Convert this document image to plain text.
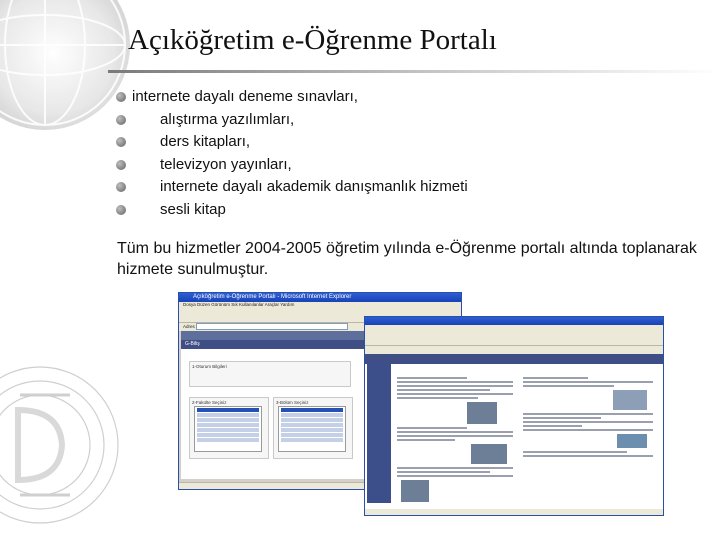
Açıköğretim e-Öğrenme Portalı
internete dayalı deneme sınavları,
alıştırma yazılımları,
ders kitapları,
televizyon yayınları,
internete dayalı akademik danışmanlık hizmeti
sesli kitap

Tüm bu hizmetler 2004-2005 öğretim yılında e-Öğrenme portalı altında toplanarak hizmete sunulmuştur.

Açıköğretim e-Öğrenme Portalı - Microsoft Internet Explorer
Dosya Düzen Görünüm Sık Kullanılanlar Araçlar Yardım
Adres
G-Biliş
1-Oturum Bilgileri
2-Fakülte Seçiniz	3-Bölüm Seçiniz
